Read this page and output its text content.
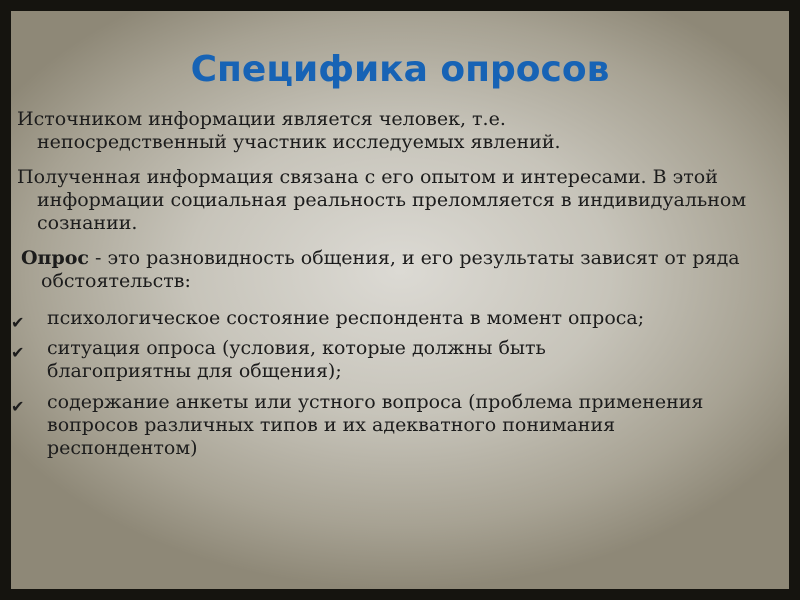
Специфика опросов
Источником информации является человек, т.е. непосредственный участник исследуемых явлений.
Полученная информация связана с его опытом и интересами. В этой информации социальная реальность преломляется в индивидуальном сознании.
Опрос - это разновидность общения, и его результаты зависят от ряда обстоятельств:
✔ психологическое состояние респондента в момент опроса;
✔ ситуация опроса (условия, которые должны быть благоприятны для общения);
✔ содержание анкеты или устного вопроса (проблема применения вопросов различных типов и их адекватного понимания респондентом)
